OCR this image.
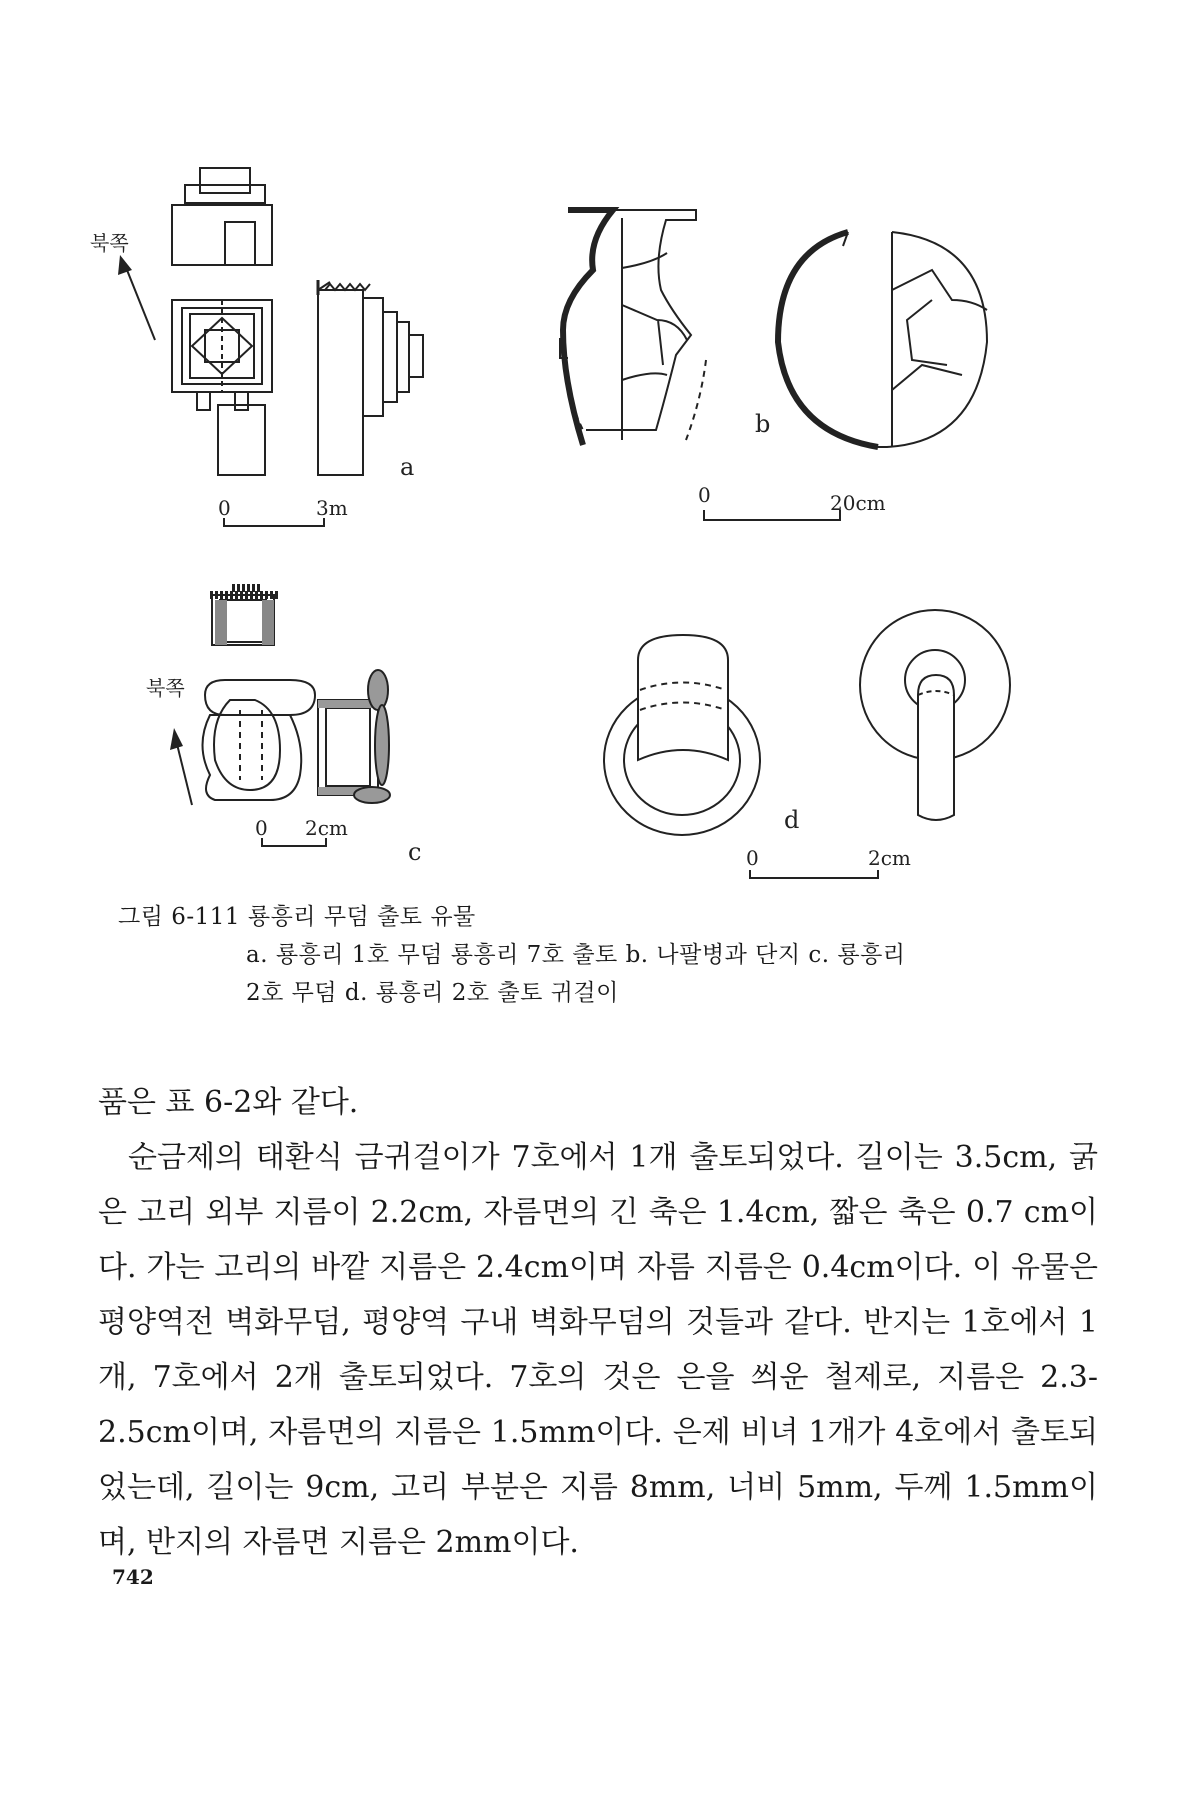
북쪽
a
0	3m
b
0	20cm
북쪽
0 2cm
c
d
0	2cm
그림 6-111 룡흥리 무덤 출토 유물
a. 룡흥리 1호 무덤 룡흥리 7호 출토 b. 나팔병과 단지 c. 룡흥리
2호 무덤 d. 룡흥리 2호 출토 귀걸이

품은 표 6-2와 같다.

순금제의 태환식 금귀걸이가 7호에서 1개 출토되었다. 길이는 3.5cm, 굵은 고리 외부 지름이 2.2cm, 자름면의 긴 축은 1.4cm, 짧은 축은 0.7 cm이다. 가는 고리의 바깥 지름은 2.4cm이며 자름 지름은 0.4cm이다. 이 유물은 평양역전 벽화무덤, 평양역 구내 벽화무덤의 것들과 같다. 반지는 1호에서 1개, 7호에서 2개 출토되었다. 7호의 것은 은을 씌운 철제로, 지름은 2.3-2.5cm이며, 자름면의 지름은 1.5mm이다. 은제 비녀 1개가 4호에서 출토되었는데, 길이는 9cm, 고리 부분은 지름 8mm, 너비 5mm, 두께 1.5mm이며, 반지의 자름면 지름은 2mm이다.

742
